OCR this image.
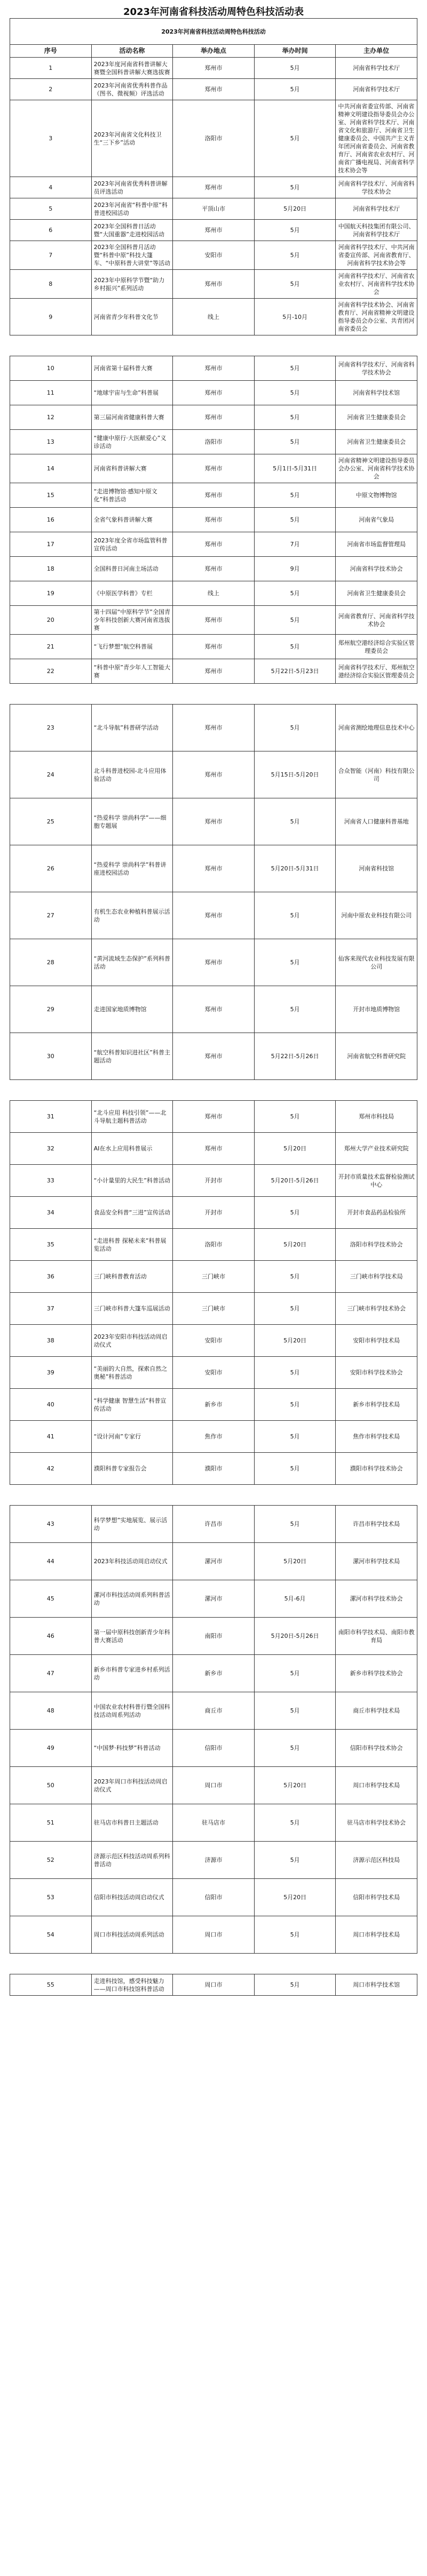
2023年河南省科技活动周特色科技活动表
2023年河南省科技活动周特色科技活动				
序号	活动名称	举办地点	举办时间	主办单位
1	2023年度河南省科普讲解大赛暨全国科普讲解大赛选拔赛	郑州市	5月	河南省科学技术厅
2	2023年河南省优秀科普作品（图书、微视频）评选活动	郑州市	5月	河南省科学技术厅
3	2023年河南省文化科技卫生“三下乡”活动	洛阳市	5月	中共河南省委宣传部、河南省精神文明建设指导委员会办公室、河南省科学技术厅、河南省文化和旅游厅、河南省卫生健康委员会、中国共产主义青年团河南省委员会、河南省教育厅、河南省农业农村厅、河南省广播电视局、河南省科学技术协会等
4	2023年河南省优秀科普讲解员评选活动	郑州市	5月	河南省科学技术厅、河南省科学技术协会
5	2023年河南省“科普中原”科普进校园活动	平顶山市	5月20日	河南省科学技术厅
6	2023年全国科普日活动暨“大国重器”走进校园活动	郑州市	5月	中国航天科技集团有限公司、河南省科学技术厅
7	2023年全国科普月活动暨“科普中原”科技大篷车、“中原科普大讲堂”等活动	安阳市	5月	河南省科学技术厅、中共河南省委宣传部、河南省教育厅、河南省科学技术协会等
8	2023年中原科学节暨“助力乡村振兴”系列活动	郑州市	5月	河南省科学技术厅、河南省农业农村厅、河南省科学技术协会
9	河南省青少年科普文化节	线上	5月-10月	河南省科学技术协会、河南省教育厅、河南省精神文明建设指导委员会办公室、共青团河南省委员会

10	河南省第十届科普大赛	郑州市	5月	河南省科学技术厅、河南省科学技术协会
11	“地球宇宙与生命”科普展	郑州市	5月	河南省科学技术馆
12	第三届河南省健康科普大赛	郑州市	5月	河南省卫生健康委员会
13	“健康中原行·大医献爱心”义诊活动	洛阳市	5月	河南省卫生健康委员会
14	河南省科普讲解大赛	郑州市	5月1日-5月31日	河南省精神文明建设指导委员会办公室、河南省科学技术协会
15	“走进博物馆·感知中原文化”科普活动	郑州市	5月	中原文物博物馆
16	全省气象科普讲解大赛	郑州市	5月	河南省气象局
17	2023年度全省市场监管科普宣传活动	郑州市	7月	河南省市场监督管理局
18	全国科普日河南主场活动	郑州市	9月	河南省科学技术协会
19	《中原医学科普》专栏	线上	5月	河南省卫生健康委员会
20	第十四届“中原科学节”全国青少年科技创新大赛河南省选拔赛	郑州市	5月	河南省教育厅、河南省科学技术协会
21	“飞行梦想”航空科普展	郑州市	5月	郑州航空港经济综合实验区管理委员会
22	“科普中原”青少年人工智能大赛	郑州市	5月22日-5月23日	河南省科学技术厅、郑州航空港经济综合实验区管理委员会

23	“北斗导航”科普研学活动	郑州市	5月	河南省测绘地理信息技术中心
24	北斗科普进校园-北斗应用体验活动	郑州市	5月15日-5月20日	合众智能（河南）科技有限公司
25	“热爱科学 崇尚科学”——细胞专题展	郑州市	5月	河南省人口健康科普基地
26	“热爱科学 崇尚科学”科普讲座进校园活动	郑州市	5月20日-5月31日	河南省科技馆
27	有机生态农业种植科普展示活动	郑州市	5月	河南中原农业科技有限公司
28	“黄河流域生态保护”系列科普活动	郑州市	5月	仙客来现代农业科技发展有限公司
29	走进国家地质博物馆	郑州市	5月	开封市地质博物馆
30	“航空科普知识进社区”科普主题活动	郑州市	5月22日-5月26日	河南省航空科普研究院

31	“北斗应用 科技引领”——北斗导航主题科普活动	郑州市	5月	郑州市科技局
32	AI在水上应用科普展示	郑州市	5月20日	郑州大学产业技术研究院
33	“小计量里的大民生”科普活动	开封市	5月20日-5月26日	开封市质量技术监督检验测试中心
34	食品安全科普“三进”宣传活动	开封市	5月	开封市食品药品检验所
35	“走进科普 探秘未来”科普展览活动	洛阳市	5月20日	洛阳市科学技术协会
36	三门峡科普教育活动	三门峡市	5月	三门峡市科学技术局
37	三门峡市科普大篷车巡展活动	三门峡市	5月	三门峡市科学技术协会
38	2023年安阳市科技活动周启动仪式	安阳市	5月20日	安阳市科学技术局
39	“美丽的大自然，探索自然之奥秘”科普活动	安阳市	5月	安阳市科学技术协会
40	“科学健康 智慧生活”科普宣传活动	新乡市	5月	新乡市科学技术局
41	“设计河南”专家行	焦作市	5月	焦作市科学技术局
42	濮阳科普专家报告会	濮阳市	5月	濮阳市科学技术协会

43	科学梦想”实地展览、展示活动	许昌市	5月	许昌市科学技术局
44	2023年科技活动周启动仪式	漯河市	5月20日	漯河市科学技术局
45	漯河市科技活动周系列科普活动	漯河市	5月-6月	漯河市科学技术协会
46	第一届中原科技创新青少年科普大赛活动	南阳市	5月20日-5月26日	南阳市科学技术局、南阳市教育局
47	新乡市科普专家进乡村系列活动	新乡市	5月	新乡市科学技术协会
48	中国农业农村科普行暨全国科技活动周系列活动	商丘市	5月	商丘市科学技术局
49	“中国梦·科技梦”科普活动	信阳市	5月	信阳市科学技术协会
50	2023年周口市科技活动周启动仪式	周口市	5月20日	周口市科学技术局
51	驻马店市科普日主题活动	驻马店市	5月	驻马店市科学技术协会
52	济源示范区科技活动周系列科普活动	济源市	5月	济源示范区科技局
53	信阳市科技活动周启动仪式	信阳市	5月20日	信阳市科学技术局
54	周口市科技活动周系列活动	周口市	5月	周口市科学技术局

55	走进科技馆，感受科技魅力——周口市科技馆科普活动	周口市	5月	周口市科学技术馆
